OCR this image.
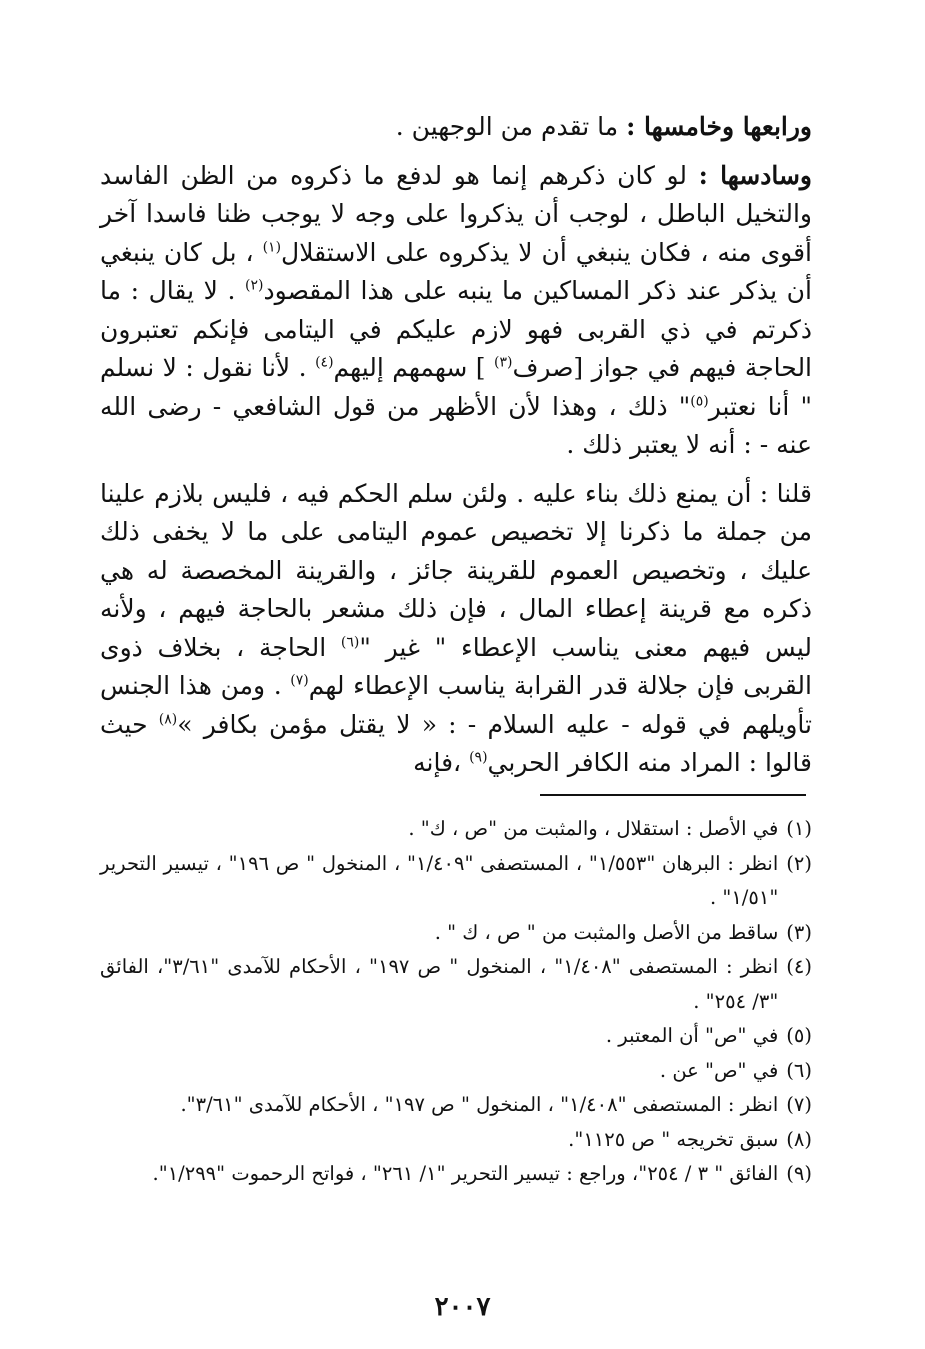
ورابعها وخامسها : ما تقدم من الوجهين .

وسادسها : لو كان ذكرهم إنما هو لدفع ما ذكروه من الظن الفاسد والتخيل الباطل ، لوجب أن يذكروا على وجه لا يوجب ظنا فاسدا آخر أقوى منه ، فكان ينبغي أن لا يذكروه على الاستقلال$^{(١)}$ ، بل كان ينبغي أن يذكر عند ذكر المساكين ما ينبه على هذا المقصود$^{(٢)}$ . لا يقال : ما ذكرتم في ذي القربى فهو لازم عليكم في اليتامى فإنكم تعتبرون الحاجة فيهم في جواز [صرف$^{(٣)}$ ] سهمهم إليهم$^{(٤)}$ . لأنا نقول : لا نسلم " أنا نعتبر$^{(٥)}$" ذلك ، وهذا لأن الأظهر من قول الشافعي - رضى الله عنه - : أنه لا يعتبر ذلك .

قلنا : أن يمنع ذلك بناء عليه . ولئن سلم الحكم فيه ، فليس بلازم علينا من جملة ما ذكرنا إلا تخصيص عموم اليتامى على ما لا يخفى ذلك عليك ، وتخصيص العموم للقرينة جائز ، والقرينة المخصصة له هي ذكره مع قرينة إعطاء المال ، فإن ذلك مشعر بالحاجة فيهم ، ولأنه ليس فيهم معنى يناسب الإعطاء " غير "$^{(٦)}$ الحاجة ، بخلاف ذوى القربى فإن جلالة قدر القرابة يناسب الإعطاء لهم$^{(٧)}$ . ومن هذا الجنس تأويلهم في قوله - عليه السلام - : « لا يقتل مؤمن بكافر »$^{(٨)}$ حيث قالوا : المراد منه الكافر الحربي$^{(٩)}$ ،فإنه

(١)
في الأصل : استقلال ، والمثبت من "ص ، ك" .
(٢)
انظر : البرهان "١/٥٥٣" ، المستصفى "١/٤٠٩" ، المنخول " ص ١٩٦" ، تيسير التحرير "١/٥١" .
(٣)
ساقط من الأصل والمثبت من " ص ، ك " .
(٤)
انظر : المستصفى "١/٤٠٨" ، المنخول " ص ١٩٧" ، الأحكام للآمدى "٣/٦١"، الفائق "٣/ ٢٥٤" .
(٥)
في "ص" أن المعتبر .
(٦)
في "ص" عن .
(٧)
انظر : المستصفى "١/٤٠٨" ، المنخول " ص ١٩٧" ، الأحكام للآمدى "٣/٦١".
(٨)
سبق تخريجه " ص ١١٢٥".
(٩)
الفائق " ٣ / ٢٥٤"، وراجع : تيسير التحرير "١/ ٢٦١" ، فواتح الرحموت "١/٢٩٩".
٢٠٠٧
